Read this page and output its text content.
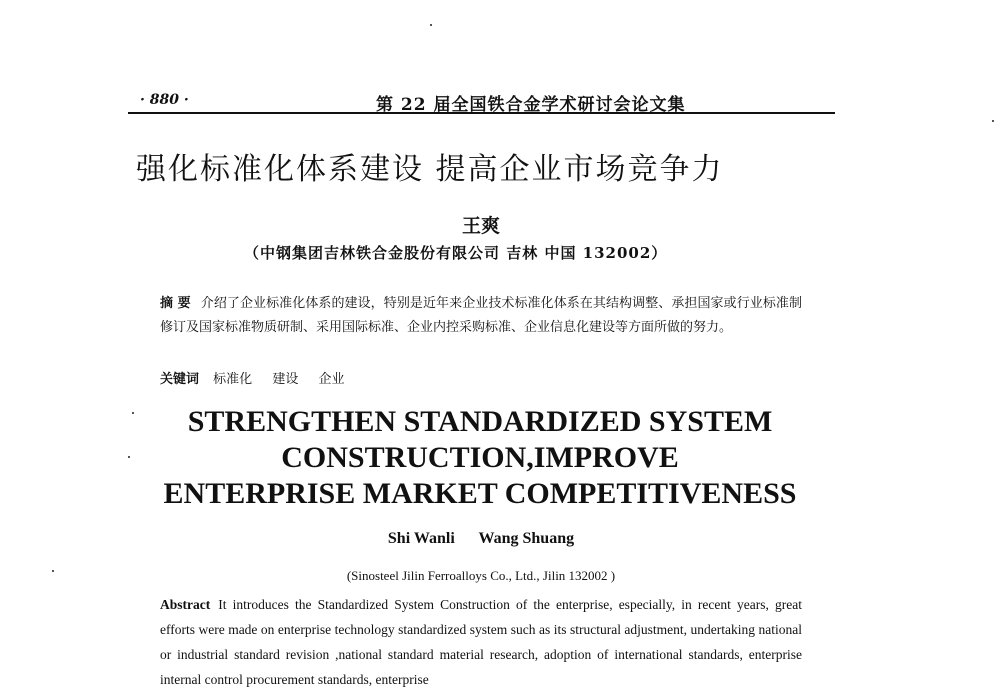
· 880 ·	第 22 届全国铁合金学术研讨会论文集
强化标准化体系建设 提高企业市场竞争力
王爽
（中钢集团吉林铁合金股份有限公司 吉林 中国 132002）
摘 要 介绍了企业标准化体系的建设，特别是近年来企业技术标准化体系在其结构调整、承担国家或行业标准制修订及国家标准物质研制、采用国际标准、企业内控采购标准、企业信息化建设等方面所做的努力。
关键词 标准化 建设 企业
STRENGTHEN STANDARDIZED SYSTEM
CONSTRUCTION,IMPROVE
ENTERPRISE MARKET COMPETITIVENESS
Shi Wanli      Wang Shuang
(Sinosteel Jilin Ferroalloys Co., Ltd., Jilin 132002 )
Abstract It introduces the Standardized System Construction of the enterprise, especially, in recent years, great efforts were made on enterprise technology standardized system such as its structural adjustment, undertaking national or industrial standard revision ,national standard material research, adoption of international standards, enterprise internal control procurement standards, enterprise
